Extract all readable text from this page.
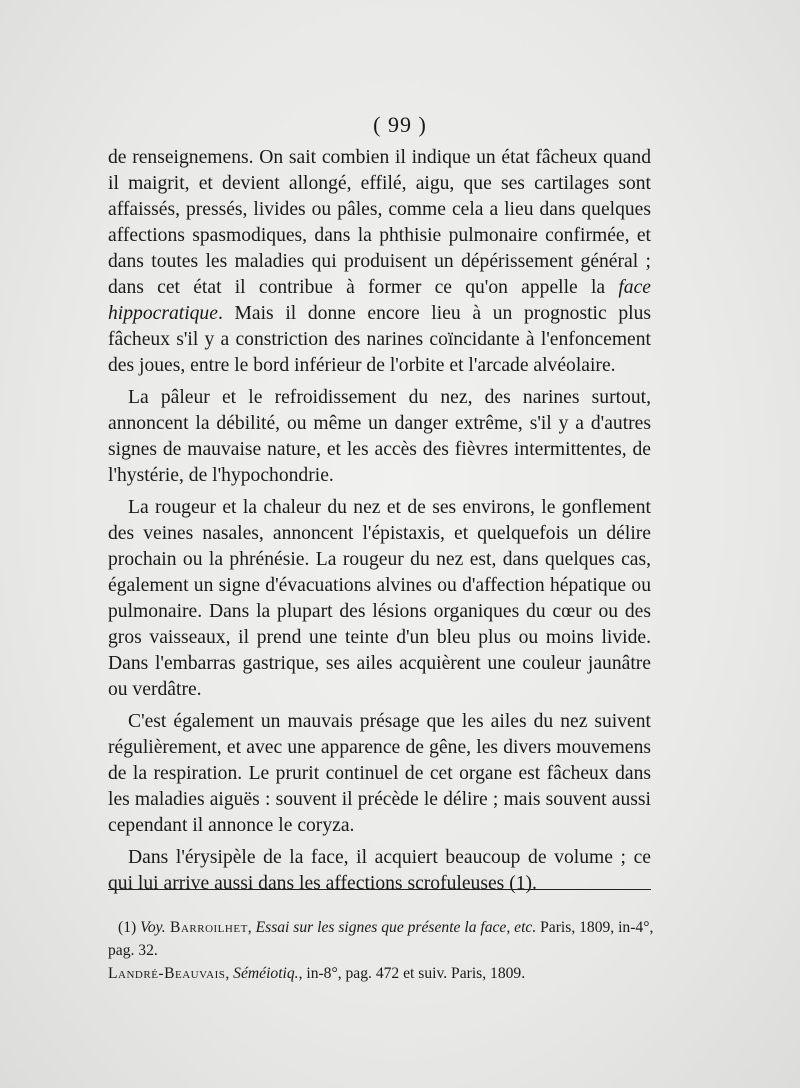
( 99 )

de renseignemens. On sait combien il indique un état fâcheux quand il maigrit, et devient allongé, effilé, aigu, que ses cartilages sont affaissés, pressés, livides ou pâles, comme cela a lieu dans quelques affections spasmodiques, dans la phthisie pulmonaire confirmée, et dans toutes les maladies qui produisent un dépérissement général ; dans cet état il contribue à former ce qu'on appelle la face hippocratique. Mais il donne encore lieu à un prognostic plus fâcheux s'il y a constriction des narines coïncidante à l'enfoncement des joues, entre le bord inférieur de l'orbite et l'arcade alvéolaire.

La pâleur et le refroidissement du nez, des narines surtout, annoncent la débilité, ou même un danger extrême, s'il y a d'autres signes de mauvaise nature, et les accès des fièvres intermittentes, de l'hystérie, de l'hypochondrie.

La rougeur et la chaleur du nez et de ses environs, le gonflement des veines nasales, annoncent l'épistaxis, et quelquefois un délire prochain ou la phrénésie. La rougeur du nez est, dans quelques cas, également un signe d'évacuations alvines ou d'affection hépatique ou pulmonaire. Dans la plupart des lésions organiques du cœur ou des gros vaisseaux, il prend une teinte d'un bleu plus ou moins livide. Dans l'embarras gastrique, ses ailes acquièrent une couleur jaunâtre ou verdâtre.

C'est également un mauvais présage que les ailes du nez suivent régulièrement, et avec une apparence de gêne, les divers mouvemens de la respiration. Le prurit continuel de cet organe est fâcheux dans les maladies aiguës : souvent il précède le délire ; mais souvent aussi cependant il annonce le coryza.

Dans l'érysipèle de la face, il acquiert beaucoup de volume ; ce qui lui arrive aussi dans les affections scrofuleuses (1).

(1) Voy. Barroilhet, Essai sur les signes que présente la face, etc. Paris, 1809, in-4°, pag. 32.

Landré-Beauvais, Séméiotiq., in-8°, pag. 472 et suiv. Paris, 1809.
